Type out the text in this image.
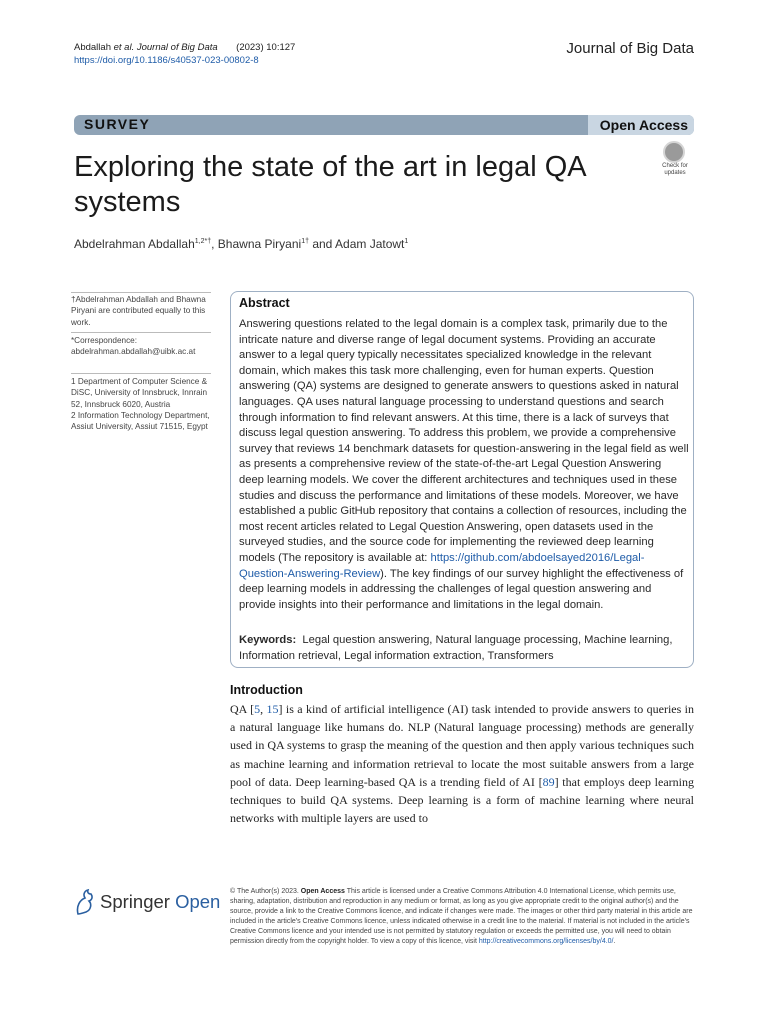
Abdallah et al. Journal of Big Data (2023) 10:127
https://doi.org/10.1186/s40537-023-00802-8
Journal of Big Data
SURVEY	Open Access
Exploring the state of the art in legal QA systems
Check for
updates
Abdelrahman Abdallah$^{1,2*\dagger}$, Bhawna Piryani$^{1\dagger}$ and Adam Jatowt$^1$
†Abdelrahman Abdallah and Bhawna Piryani are contributed equally to this work.
*Correspondence:
abdelrahman.abdallah@uibk.ac.at
1 Department of Computer Science & DiSC, University of Innsbruck, Innrain 52, Innsbruck 6020, Austria
2 Information Technology Department, Assiut University, Assiut 71515, Egypt
Abstract
Answering questions related to the legal domain is a complex task, primarily due to the intricate nature and diverse range of legal document systems. Providing an accurate answer to a legal query typically necessitates specialized knowledge in the relevant domain, which makes this task more challenging, even for human experts. Question answering (QA) systems are designed to generate answers to questions asked in natural languages. QA uses natural language processing to understand questions and search through information to find relevant answers. At this time, there is a lack of surveys that discuss legal question answering. To address this problem, we provide a comprehensive survey that reviews 14 benchmark datasets for question-answering in the legal field as well as presents a comprehensive review of the state-of-the-art Legal Question Answering deep learning models. We cover the different architectures and techniques used in these studies and discuss the performance and limitations of these models. Moreover, we have established a public GitHub repository that contains a collection of resources, including the most recent articles related to Legal Question Answering, open datasets used in the surveyed studies, and the source code for implementing the reviewed deep learning models (The repository is available at: https://github.com/abdoelsayed2016/Legal-Question-Answering-Review). The key findings of our survey highlight the effectiveness of deep learning models in addressing the challenges of legal question answering and provide insights into their performance and limitations in the legal domain.
Keywords: Legal question answering, Natural language processing, Machine learning, Information retrieval, Legal information extraction, Transformers
Introduction
QA [5, 15] is a kind of artificial intelligence (AI) task intended to provide answers to queries in a natural language like humans do. NLP (Natural language processing) methods are generally used in QA systems to grasp the meaning of the question and then apply various techniques such as machine learning and information retrieval to locate the most suitable answers from a large pool of data. Deep learning-based QA is a trending field of AI [89] that employs deep learning techniques to build QA systems. Deep learning is a form of machine learning where neural networks with multiple layers are used to
Springer Open © The Author(s) 2023. Open Access This article is licensed under a Creative Commons Attribution 4.0 International License, which permits use, sharing, adaptation, distribution and reproduction in any medium or format, as long as you give appropriate credit to the original author(s) and the source, provide a link to the Creative Commons licence, and indicate if changes were made. The images or other third party material in this article are included in the article's Creative Commons licence, unless indicated otherwise in a credit line to the material. If material is not included in the article's Creative Commons licence and your intended use is not permitted by statutory regulation or exceeds the permitted use, you will need to obtain permission directly from the copyright holder. To view a copy of this licence, visit http://creativecommons.org/licenses/by/4.0/.
